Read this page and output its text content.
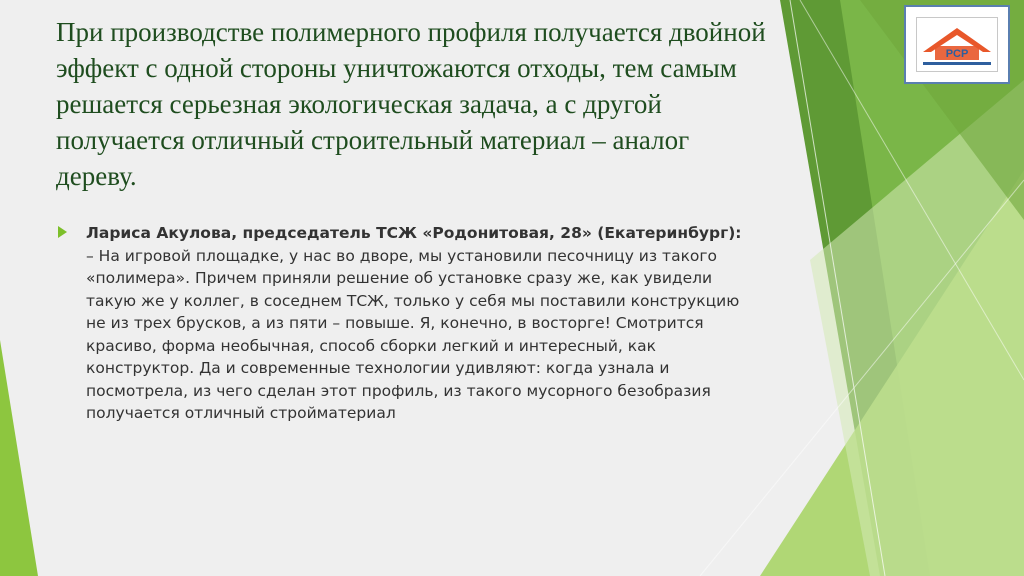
При производстве полимерного профиля получается двойной эффект с одной стороны уничтожаются отходы, тем самым решается серьезная экологическая задача, а с другой получается отличный строительный материал – аналог дереву.
Лариса Акулова, председатель ТСЖ «Родонитовая, 28» (Екатеринбург):
– На игровой площадке, у нас во дворе, мы установили песочницу из такого «полимера». Причем приняли решение об установке сразу же, как увидели такую же у коллег, в соседнем ТСЖ, только у себя мы поставили конструкцию не из трех брусков, а из пяти – повыше. Я, конечно, в восторге! Смотрится красиво, форма необычная, способ сборки легкий и интересный, как конструктор. Да и современные технологии удивляют: когда узнала и посмотрела, из чего сделан этот профиль, из такого мусорного безобразия получается отличный стройматериал
PCP
